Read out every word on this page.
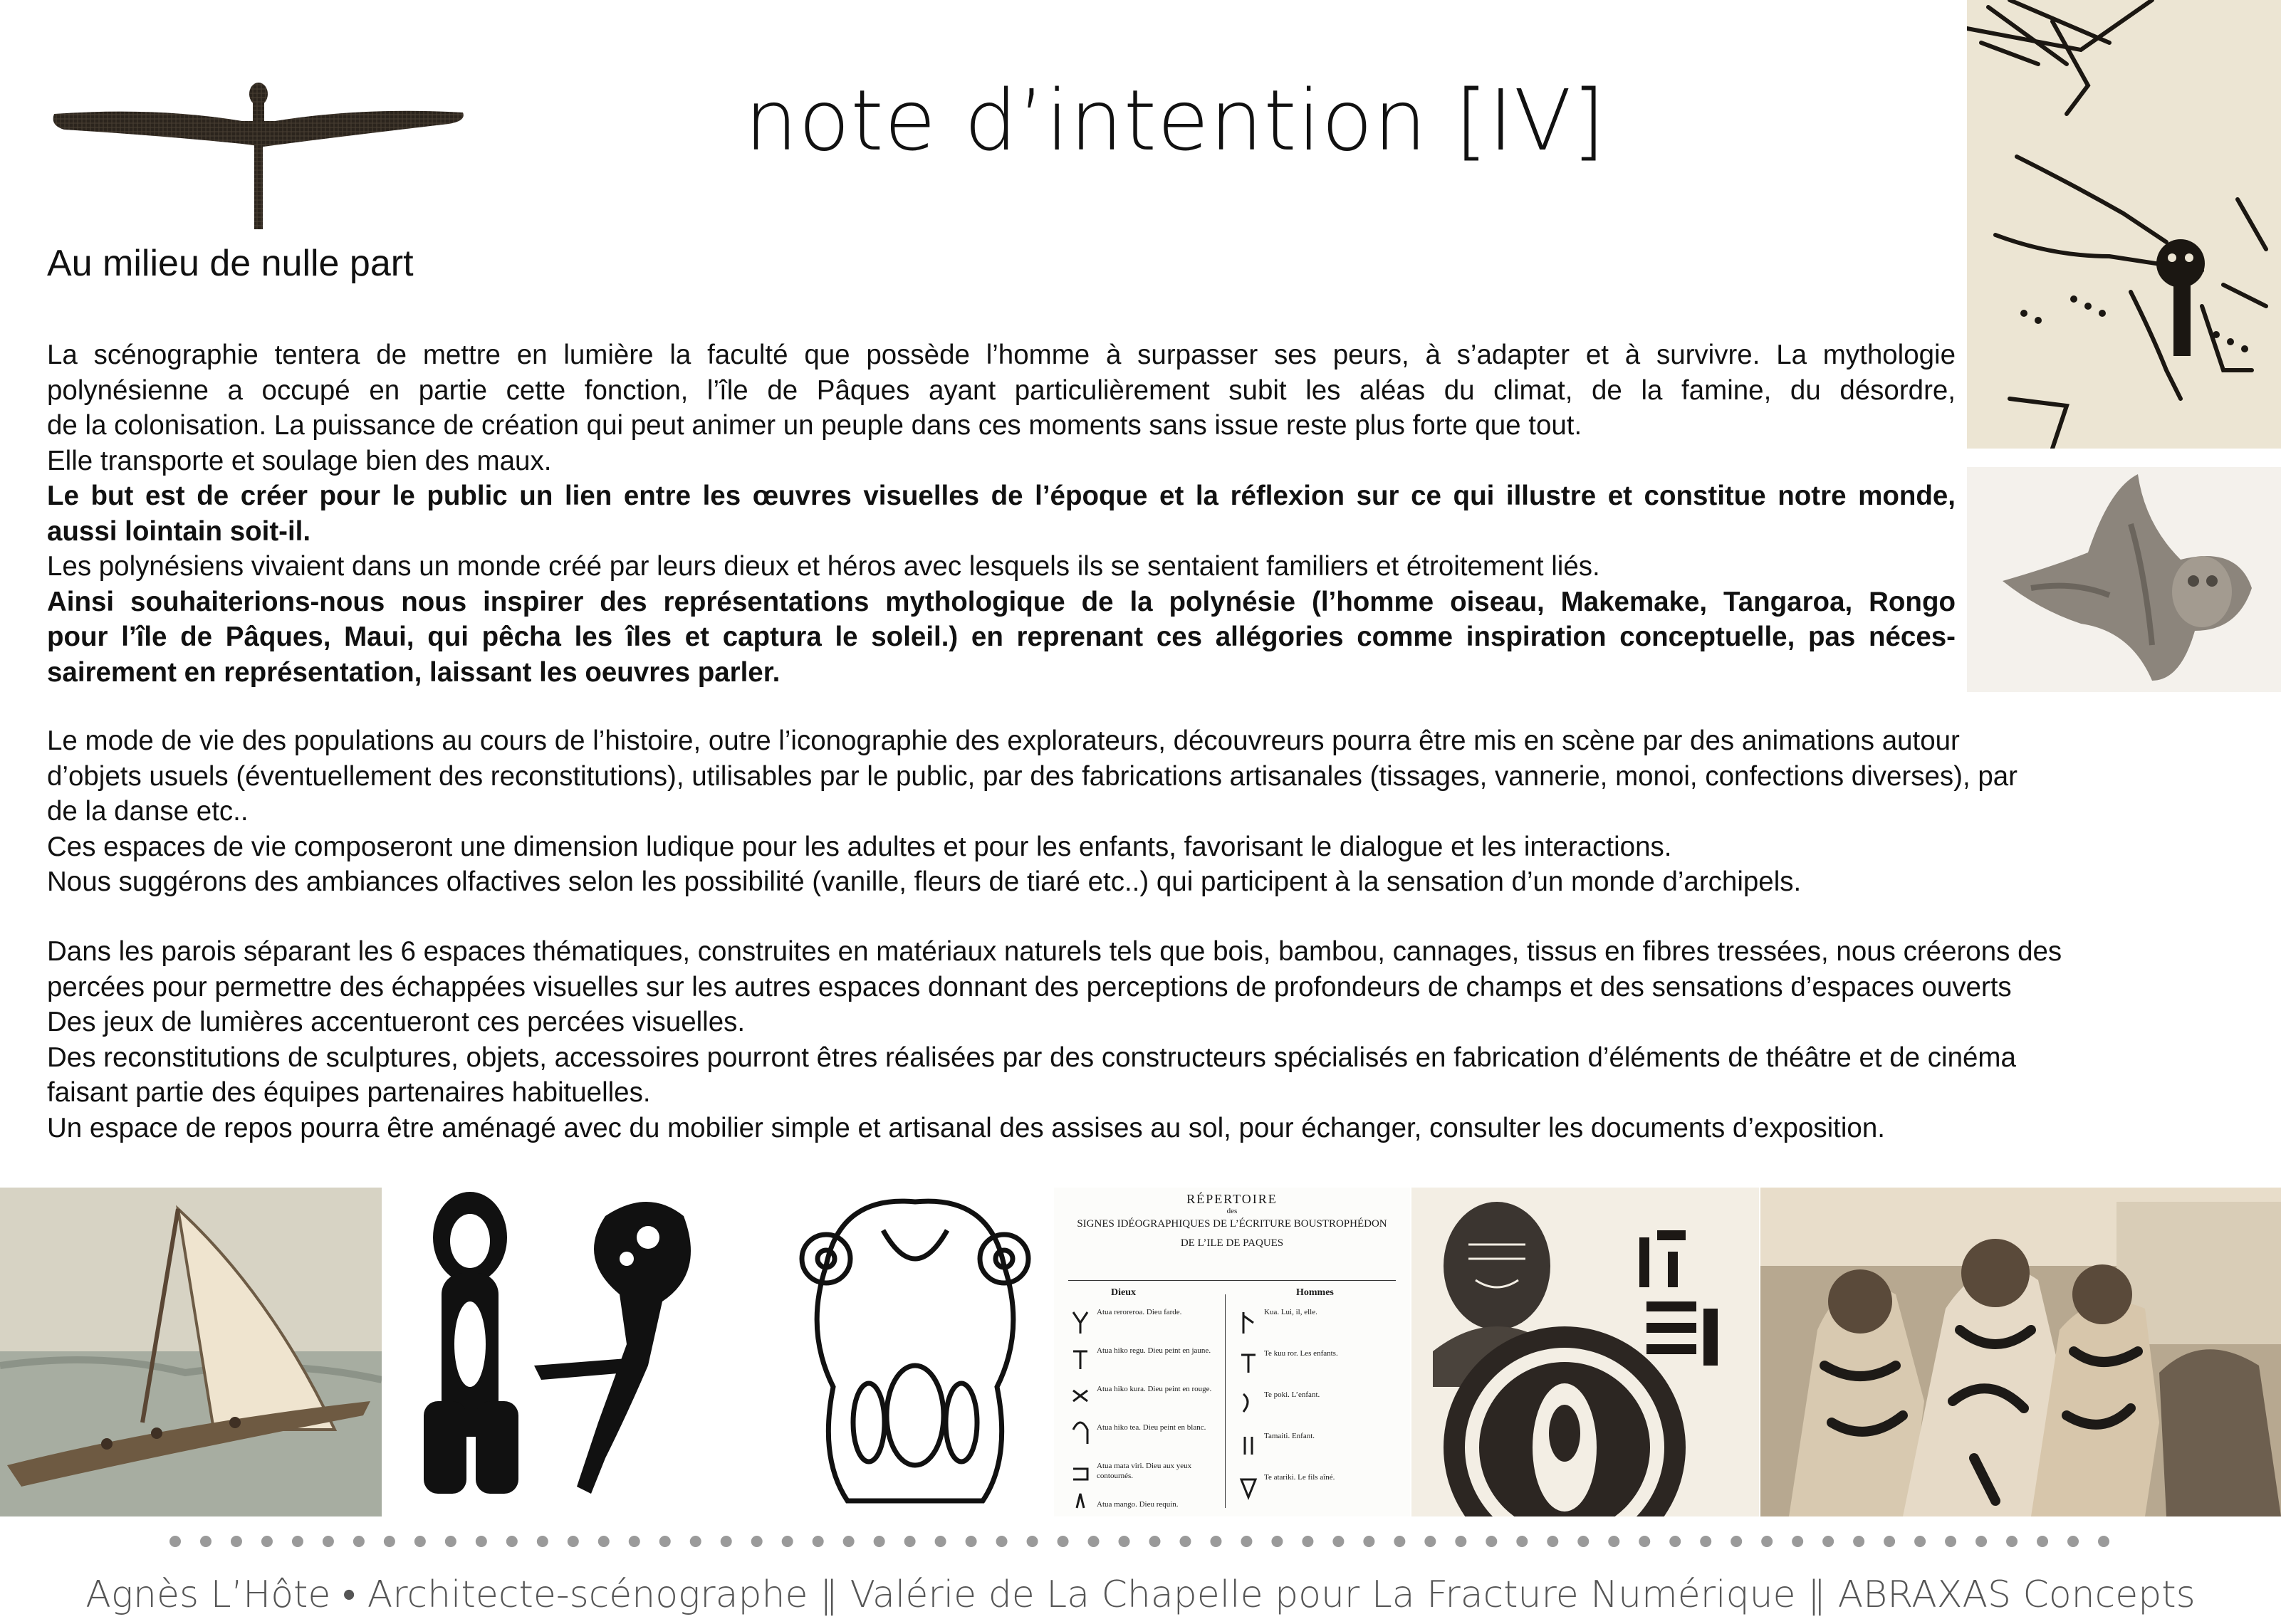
note d’intention [IV]
Au milieu de nulle part
La scénographie tentera de mettre en lumière la faculté que possède l’homme à surpasser ses peurs, à s’adapter et à survivre. La mythologie
polynésienne a occupé en partie cette fonction, l’île de Pâques ayant particulièrement subit les aléas du climat, de la famine, du désordre,
de la colonisation. La puissance de création qui peut animer un peuple dans ces moments sans issue reste plus forte que tout.
Elle transporte et soulage bien des maux.
Le but est de créer pour le public un lien entre les œuvres visuelles de l’époque et la réflexion sur ce qui illustre et constitue notre monde,
aussi lointain soit-il.
Les polynésiens vivaient dans un monde créé par leurs dieux et héros avec lesquels ils se sentaient familiers et étroitement liés.
Ainsi souhaiterions-nous nous inspirer des représentations mythologique de la polynésie (l’homme oiseau, Makemake, Tangaroa, Rongo
pour l’île de Pâques, Maui, qui pêcha les îles et captura le soleil.) en reprenant ces allégories comme inspiration conceptuelle, pas néces-
sairement en représentation, laissant les oeuvres parler.
Le mode de vie des populations au cours de l’histoire, outre l’iconographie des explorateurs, découvreurs pourra être mis en scène par des animations autour
d’objets usuels (éventuellement des reconstitutions), utilisables par le public, par des fabrications artisanales (tissages, vannerie, monoi, confections diverses), par
de la danse etc..
Ces espaces de vie composeront une dimension ludique pour les adultes et pour les enfants, favorisant le dialogue et les interactions.
Nous suggérons des ambiances olfactives selon les possibilité (vanille, fleurs de tiaré etc..) qui participent à la sensation d’un monde d’archipels.
Dans les parois séparant les 6 espaces thématiques, construites en matériaux naturels tels que bois, bambou, cannages, tissus en fibres tressées, nous créerons des
percées pour permettre des échappées visuelles sur les autres espaces donnant des perceptions de profondeurs de champs et des sensations d’espaces ouverts
Des jeux de lumières accentueront ces percées visuelles.
Des reconstitutions de sculptures, objets, accessoires pourront êtres réalisées par des constructeurs spécialisés en fabrication d’éléments de théâtre et de cinéma
faisant partie des équipes partenaires habituelles.
Un espace de repos pourra être aménagé avec du mobilier simple et artisanal des assises au sol, pour échanger, consulter les documents d’exposition.
RÉPERTOIRE
des
SIGNES IDÉOGRAPHIQUES DE L’ÉCRITURE BOUSTROPHÉDON
DE L’ILE DE PAQUES
Dieux	Hommes
Atua reroreroa. Dieu farde.
Atua hiko regu. Dieu peint en jaune.
Atua hiko kura. Dieu peint en rouge.
Atua hiko tea. Dieu peint en blanc.
Atua mata viri. Dieu aux yeux contournés.
Atua mango. Dieu requin.
Kua. Lui, il, elle.
Te kuu ror. Les enfants.
Te poki. L’enfant.
Tamaiti. Enfant.
Te atariki. Le fils aîné.
Agnès L’Hôte • Architecte-scénographe ‖ Valérie de La Chapelle pour La Fracture Numérique ‖ ABRAXAS Concepts
